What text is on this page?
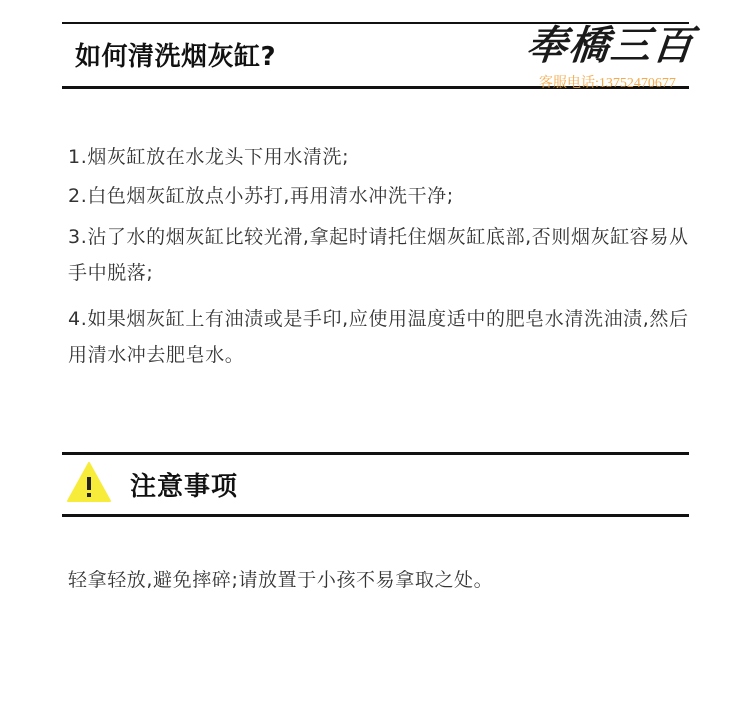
如何清洗烟灰缸?	奉橋三百
客服电话:13752470677
1.烟灰缸放在水龙头下用水清洗;
2.白色烟灰缸放点小苏打,再用清水冲洗干净;
3.沾了水的烟灰缸比较光滑,拿起时请托住烟灰缸底部,否则烟灰缸容易从手中脱落;
4.如果烟灰缸上有油渍或是手印,应使用温度适中的肥皂水清洗油渍,然后用清水冲去肥皂水。
注意事项

轻拿轻放,避免摔碎;请放置于小孩不易拿取之处。
